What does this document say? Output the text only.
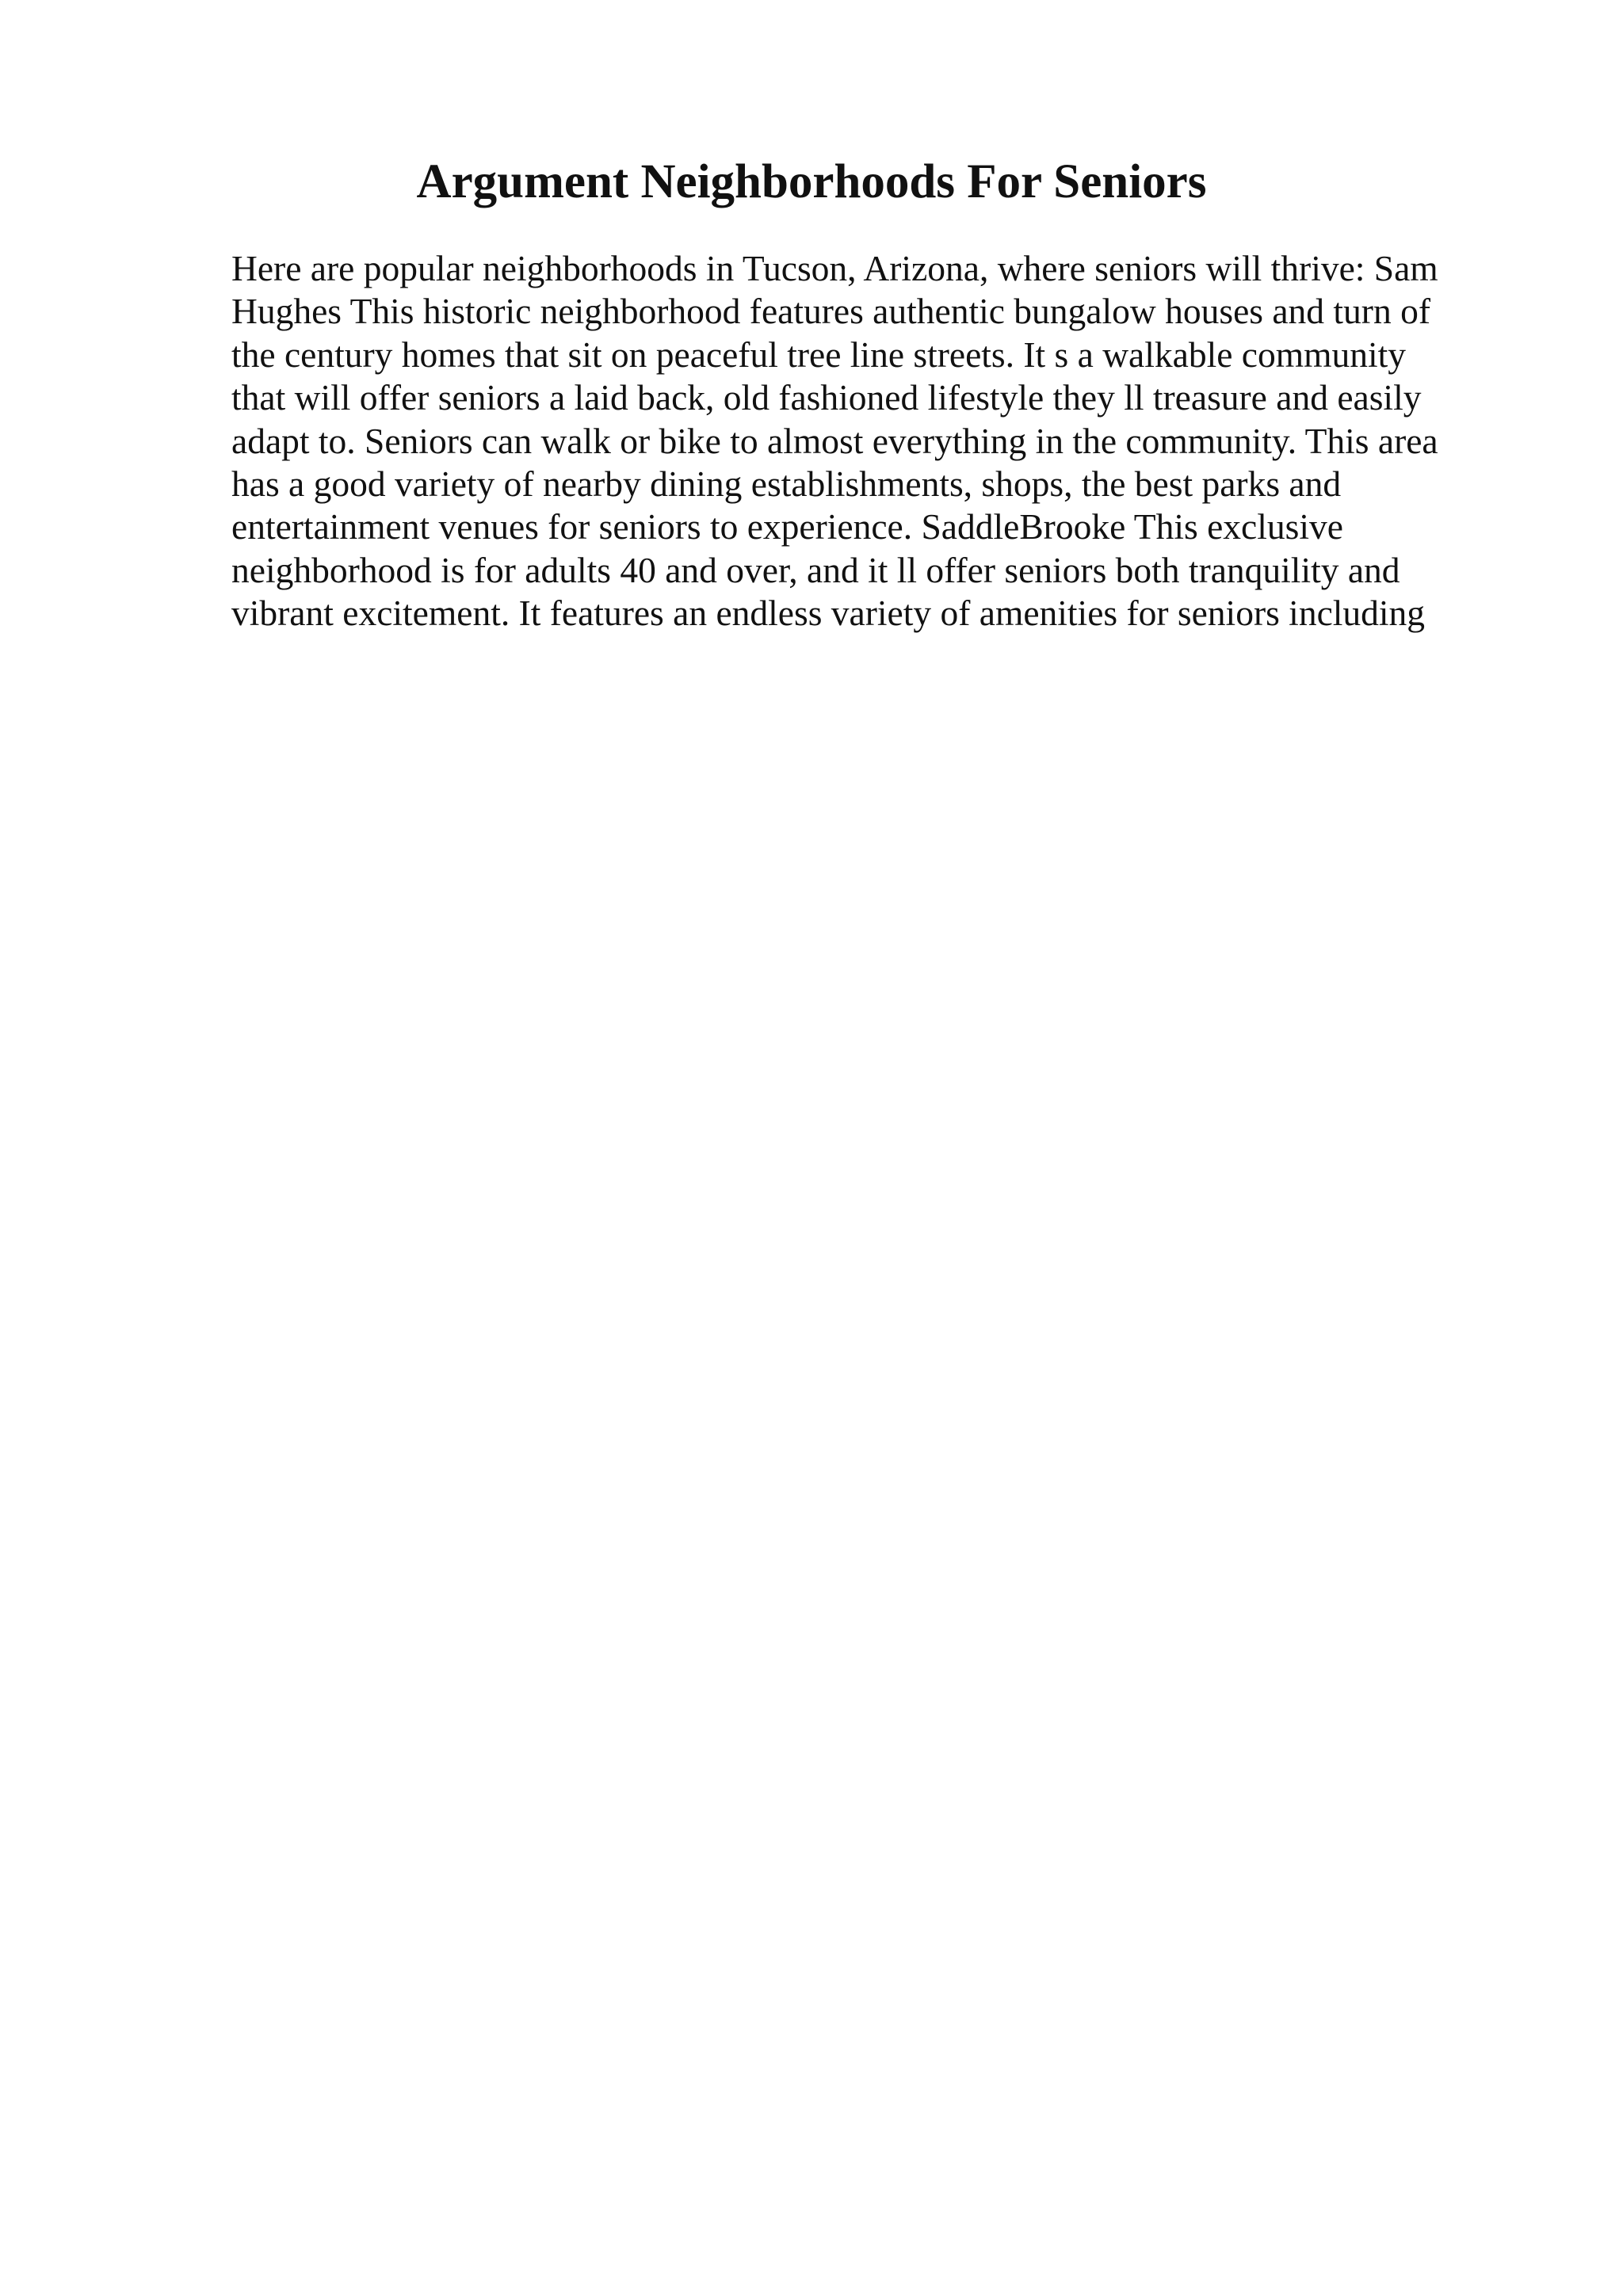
Argument Neighborhoods For Seniors
Here are popular neighborhoods in Tucson, Arizona, where seniors will thrive: Sam
Hughes This historic neighborhood features authentic bungalow houses and turn of
the century homes that sit on peaceful tree line streets. It s a walkable community
that will offer seniors a laid back, old fashioned lifestyle they ll treasure and easily
adapt to. Seniors can walk or bike to almost everything in the community. This area
has a good variety of nearby dining establishments, shops, the best parks and
entertainment venues for seniors to experience. SaddleBrooke This exclusive
neighborhood is for adults 40 and over, and it ll offer seniors both tranquility and
vibrant excitement. It features an endless variety of amenities for seniors including
